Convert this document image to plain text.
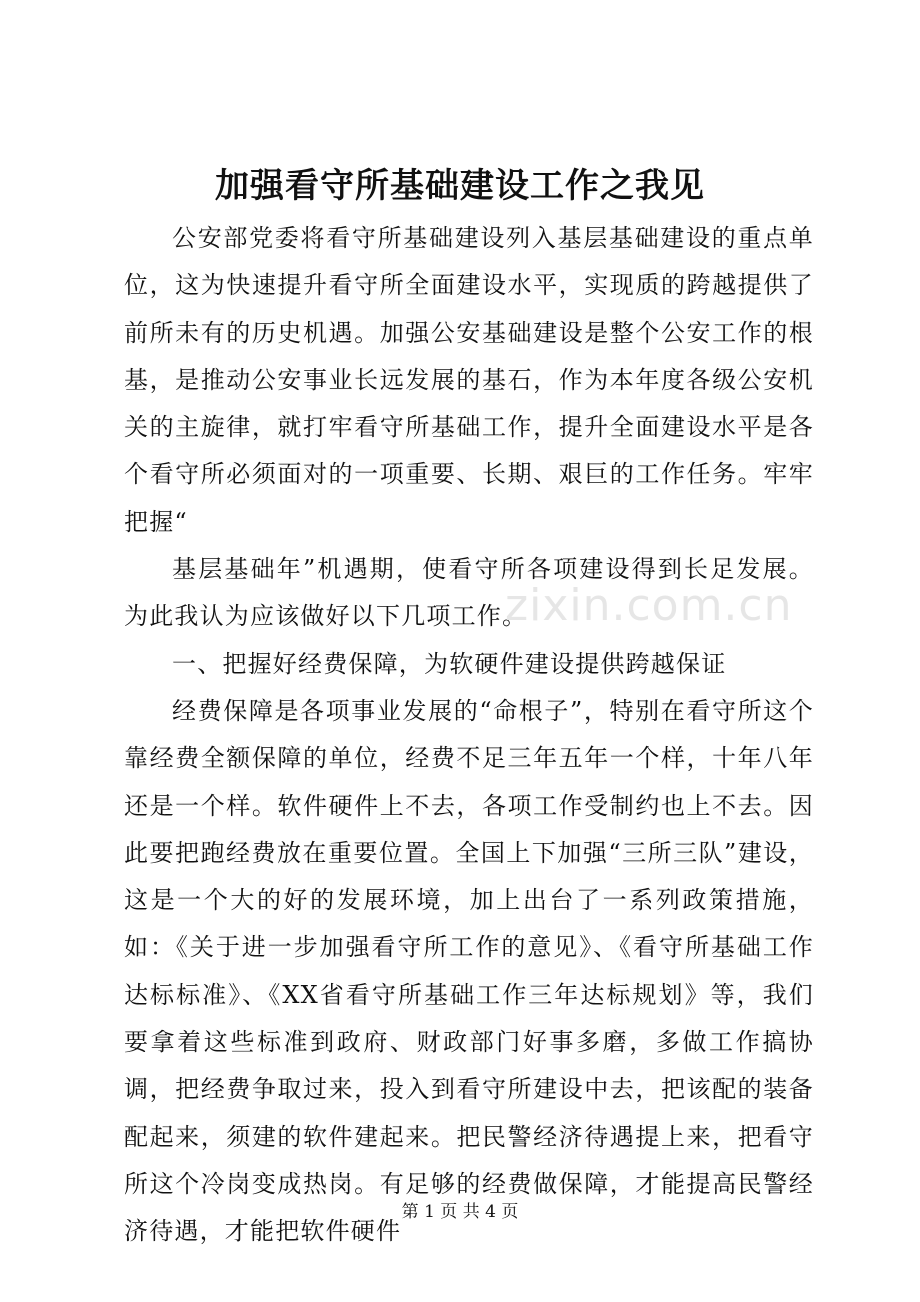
加强看守所基础建设工作之我见

公安部党委将看守所基础建设列入基层基础建设的重点单位，这为快速提升看守所全面建设水平，实现质的跨越提供了前所未有的历史机遇。加强公安基础建设是整个公安工作的根基，是推动公安事业长远发展的基石，作为本年度各级公安机关的主旋律，就打牢看守所基础工作，提升全面建设水平是各个看守所必须面对的一项重要、长期、艰巨的工作任务。牢牢把握“

基层基础年”机遇期，使看守所各项建设得到长足发展。为此我认为应该做好以下几项工作。

一、把握好经费保障，为软硬件建设提供跨越保证

经费保障是各项事业发展的“命根子”，特别在看守所这个靠经费全额保障的单位，经费不足三年五年一个样，十年八年还是一个样。软件硬件上不去，各项工作受制约也上不去。因此要把跑经费放在重要位置。全国上下加强“三所三队”建设，这是一个大的好的发展环境，加上出台了一系列政策措施，如：《关于进一步加强看守所工作的意见》、《看守所基础工作达标标准》、《XX省看守所基础工作三年达标规划》等，我们要拿着这些标准到政府、财政部门好事多磨，多做工作搞协调，把经费争取过来，投入到看守所建设中去，把该配的装备配起来，须建的软件建起来。把民警经济待遇提上来，把看守所这个冷岗变成热岗。有足够的经费做保障，才能提高民警经济待遇，才能把软件硬件

zixin.com.cn
第 1 页 共 4 页
